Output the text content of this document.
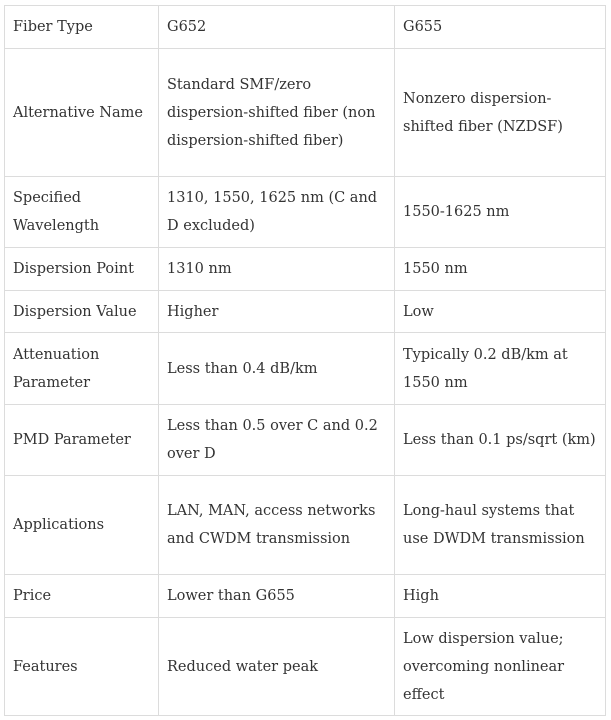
Fiber Type	G652	G655
Alternative Name	Standard SMF/zero dispersion-shifted fiber (non dispersion-shifted fiber)	Nonzero dispersion-shifted fiber (NZDSF)
Specified Wavelength	1310, 1550, 1625 nm (C and D excluded)	1550-1625 nm
Dispersion Point	1310 nm	1550 nm
Dispersion Value	Higher	Low
Attenuation Parameter	Less than 0.4 dB/km	Typically 0.2 dB/km at 1550 nm
PMD Parameter	Less than 0.5 over C and 0.2 over D	Less than 0.1 ps/sqrt (km)
Applications	LAN, MAN, access networks and CWDM transmission	Long-haul systems that use DWDM transmission
Price	Lower than G655	High
Features	Reduced water peak	Low dispersion value; overcoming nonlinear effect
